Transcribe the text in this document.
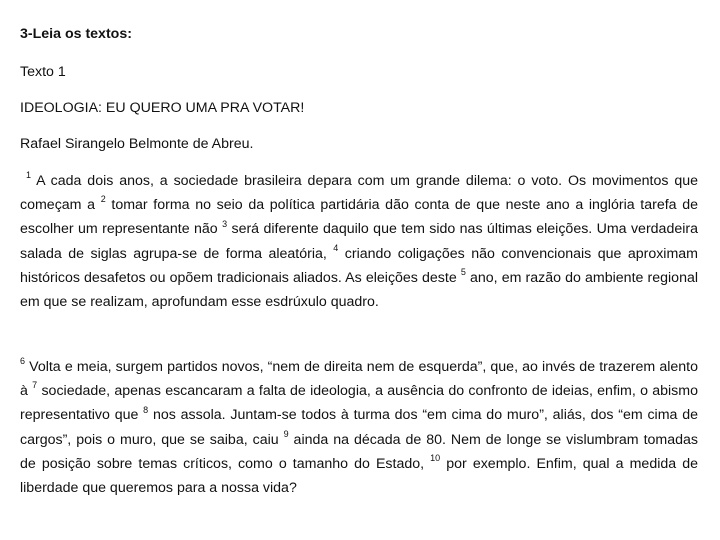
3-Leia os textos:
Texto 1
IDEOLOGIA: EU QUERO UMA PRA VOTAR!
Rafael Sirangelo Belmonte de Abreu.

$^1$ A cada dois anos, a sociedade brasileira depara com um grande dilema: o voto. Os movimentos que começam a $^2$ tomar forma no seio da política partidária dão conta de que neste ano a inglória tarefa de escolher um representante não $^3$ será diferente daquilo que tem sido nas últimas eleições. Uma verdadeira salada de siglas agrupa-se de forma aleatória, $^4$ criando coligações não convencionais que aproximam históricos desafetos ou opõem tradicionais aliados. As eleições deste $^5$ ano, em razão do ambiente regional em que se realizam, aprofundam esse esdrúxulo quadro.

$^6$ Volta e meia, surgem partidos novos, “nem de direita nem de esquerda”, que, ao invés de trazerem alento à $^7$ sociedade, apenas escancaram a falta de ideologia, a ausência do confronto de ideias, enfim, o abismo representativo que $^8$ nos assola. Juntam-se todos à turma dos “em cima do muro”, aliás, dos “em cima de cargos”, pois o muro, que se saiba, caiu $^9$ ainda na década de 80. Nem de longe se vislumbram tomadas de posição sobre temas críticos, como o tamanho do Estado, $^{10}$ por exemplo. Enfim, qual a medida de liberdade que queremos para a nossa vida?
